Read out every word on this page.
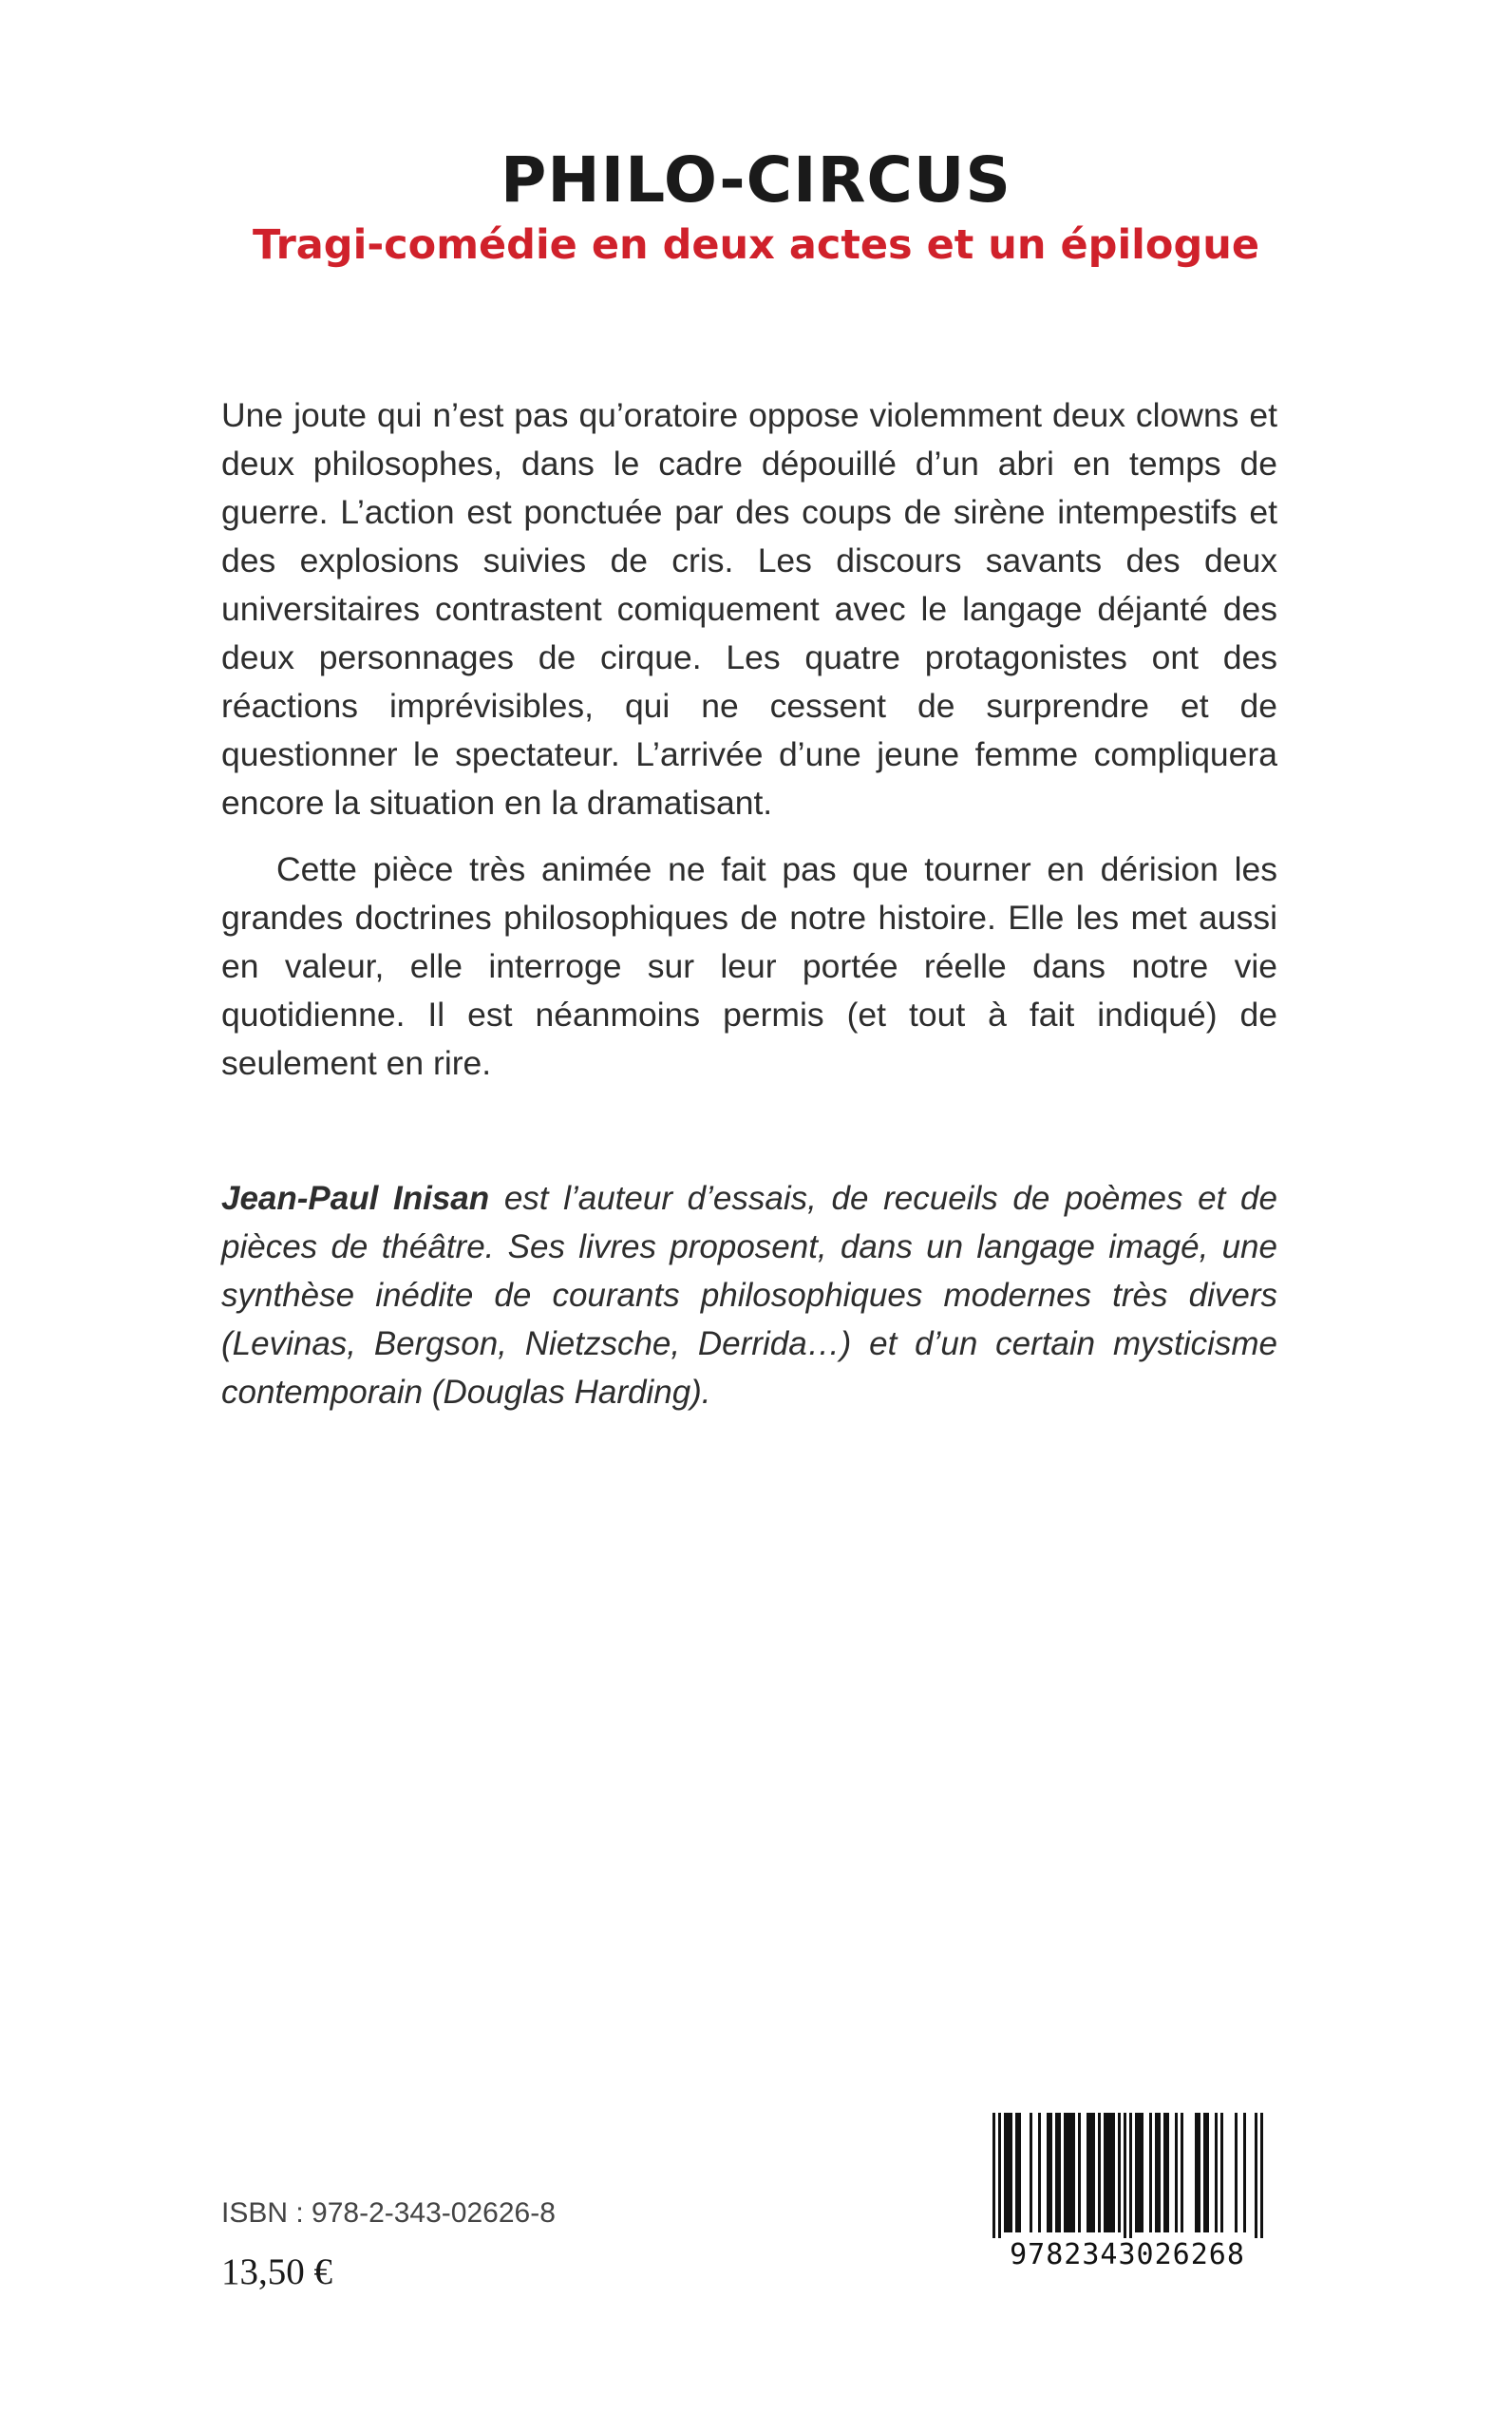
PHILO-CIRCUS
Tragi-comédie en deux actes et un épilogue

Une joute qui n’est pas qu’oratoire oppose violemment deux clowns et deux philosophes, dans le cadre dépouillé d’un abri en temps de guerre. L’action est ponctuée par des coups de sirène intempestifs et des explosions suivies de cris. Les discours savants des deux universitaires contrastent comiquement avec le langage déjanté des deux personnages de cirque. Les quatre protagonistes ont des réactions imprévisibles, qui ne cessent de surprendre et de questionner le spectateur. L’arrivée d’une jeune femme compliquera encore la situation en la dramatisant.

Cette pièce très animée ne fait pas que tourner en dérision les grandes doctrines philosophiques de notre histoire. Elle les met aussi en valeur, elle interroge sur leur portée réelle dans notre vie quotidienne. Il est néanmoins permis (et tout à fait indiqué) de seulement en rire.

Jean-Paul Inisan est l’auteur d’essais, de recueils de poèmes et de pièces de théâtre. Ses livres proposent, dans un langage imagé, une synthèse inédite de courants philosophiques modernes très divers (Levinas, Bergson, Nietzsche, Derrida…) et d’un certain mysticisme contemporain (Douglas Harding).
ISBN : 978-2-343-02626-8
13,50 €	9782343026268
